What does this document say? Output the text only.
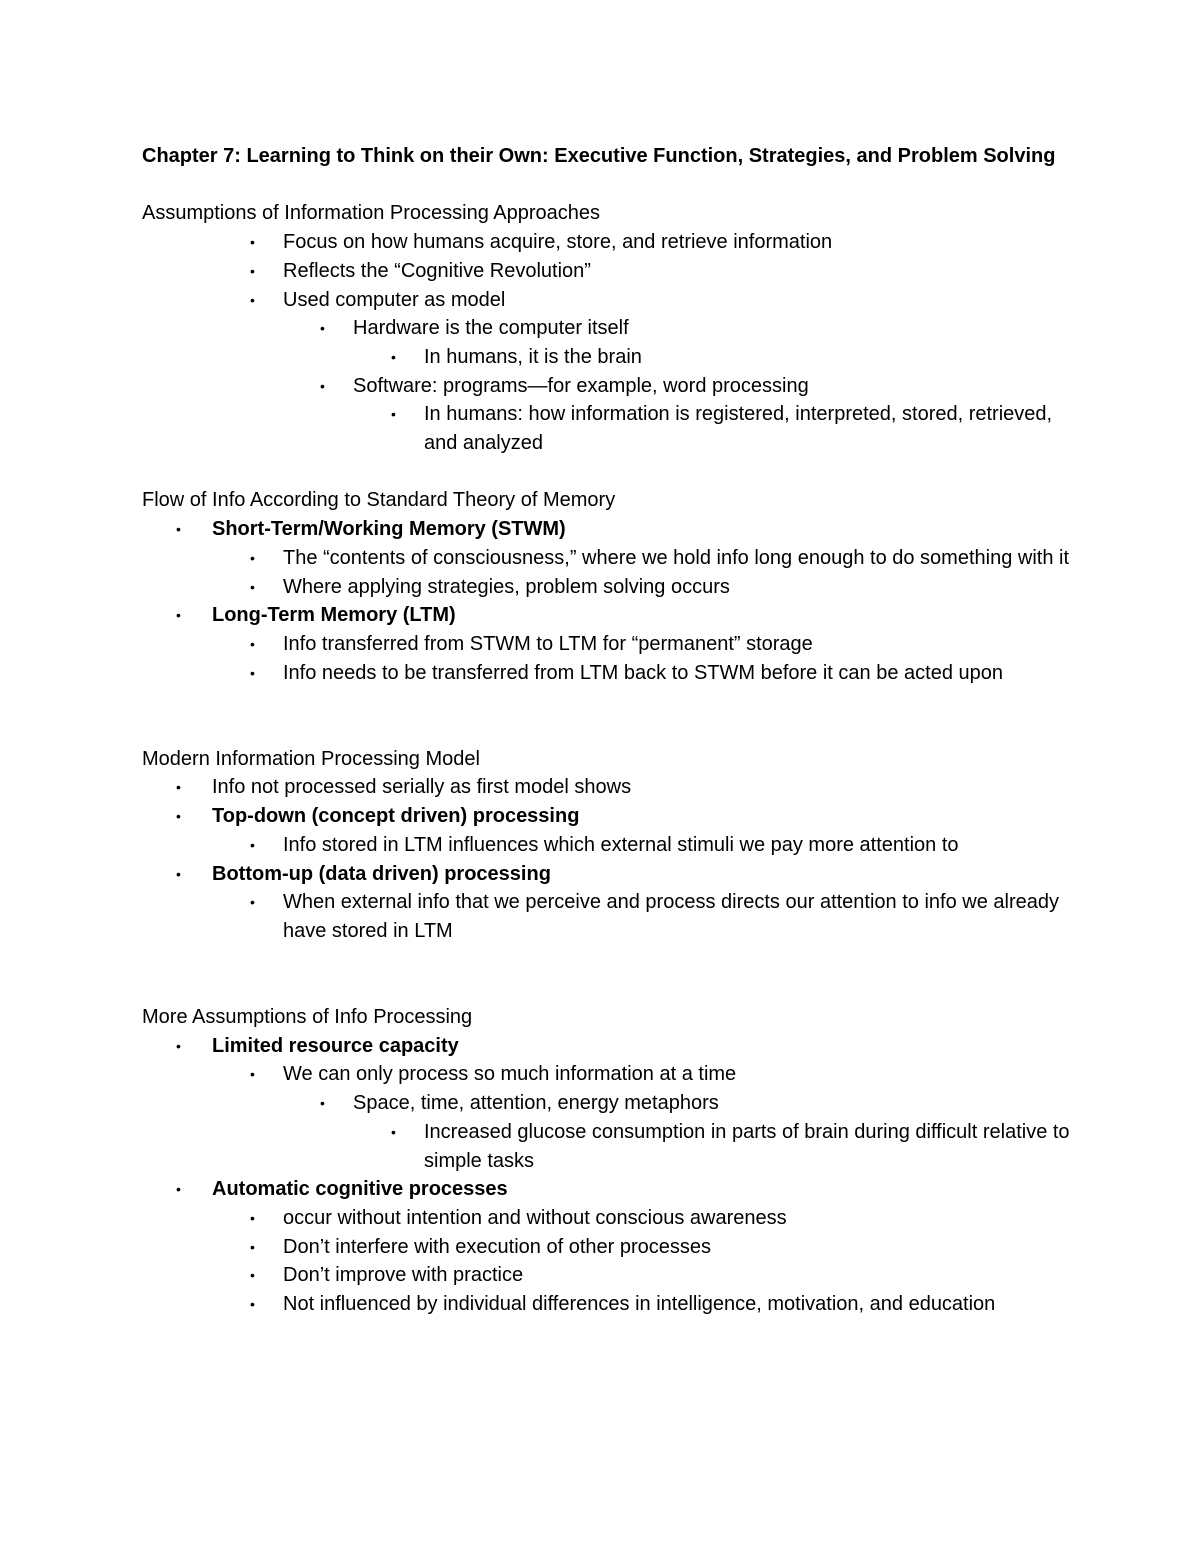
Chapter 7: Learning to Think on their Own: Executive Function, Strategies, and Problem Solving

Assumptions of Information Processing Approaches

• Focus on how humans acquire, store, and retrieve information
• Reflects the “Cognitive Revolution”
• Used computer as model
• Hardware is the computer itself
• In humans, it is the brain
• Software: programs—for example, word processing
• In humans: how information is registered, interpreted, stored, retrieved, and analyzed

Flow of Info According to Standard Theory of Memory

• Short-Term/Working Memory (STWM)
• The “contents of consciousness,” where we hold info long enough to do something with it
• Where applying strategies, problem solving occurs
• Long-Term Memory (LTM)
• Info transferred from STWM to LTM for “permanent” storage
• Info needs to be transferred from LTM back to STWM before it can be acted upon

Modern Information Processing Model

• Info not processed serially as first model shows
• Top-down (concept driven) processing
• Info stored in LTM influences which external stimuli we pay more attention to
• Bottom-up (data driven) processing
• When external info that we perceive and process directs our attention to info we already have stored in LTM

More Assumptions of Info Processing

• Limited resource capacity
• We can only process so much information at a time
• Space, time, attention, energy metaphors
• Increased glucose consumption in parts of brain during difficult relative to simple tasks
• Automatic cognitive processes
• occur without intention and without conscious awareness
• Don’t interfere with execution of other processes
• Don’t improve with practice
• Not influenced by individual differences in intelligence, motivation, and education
